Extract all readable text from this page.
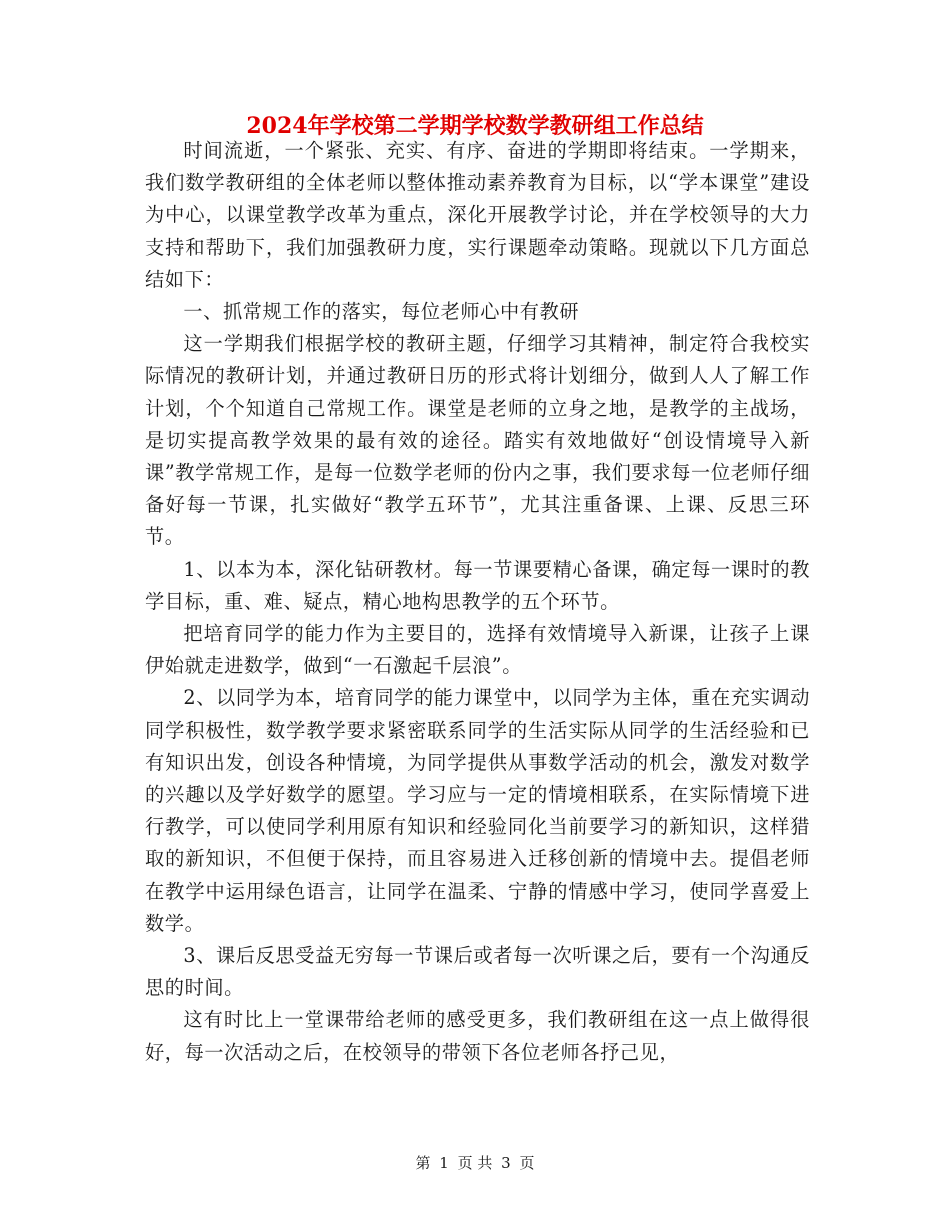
2024年学校第二学期学校数学教研组工作总结

时间流逝，一个紧张、充实、有序、奋进的学期即将结束。一学期来，我们数学教研组的全体老师以整体推动素养教育为目标，以“学本课堂”建设为中心，以课堂教学改革为重点，深化开展教学讨论，并在学校领导的大力支持和帮助下，我们加强教研力度，实行课题牵动策略。现就以下几方面总结如下：

一、抓常规工作的落实，每位老师心中有教研

这一学期我们根据学校的教研主题，仔细学习其精神，制定符合我校实际情况的教研计划，并通过教研日历的形式将计划细分，做到人人了解工作计划，个个知道自己常规工作。课堂是老师的立身之地，是教学的主战场，是切实提高教学效果的最有效的途径。踏实有效地做好“创设情境导入新课”教学常规工作，是每一位数学老师的份内之事，我们要求每一位老师仔细备好每一节课，扎实做好“教学五环节”，尤其注重备课、上课、反思三环节。

1、以本为本，深化钻研教材。每一节课要精心备课，确定每一课时的教学目标，重、难、疑点，精心地构思教学的五个环节。

把培育同学的能力作为主要目的，选择有效情境导入新课，让孩子上课伊始就走进数学，做到“一石激起千层浪”。

2、以同学为本，培育同学的能力课堂中，以同学为主体，重在充实调动同学积极性，数学教学要求紧密联系同学的生活实际从同学的生活经验和已有知识出发，创设各种情境，为同学提供从事数学活动的机会，激发对数学的兴趣以及学好数学的愿望。学习应与一定的情境相联系，在实际情境下进行教学，可以使同学利用原有知识和经验同化当前要学习的新知识，这样猎取的新知识，不但便于保持，而且容易进入迁移创新的情境中去。提倡老师在教学中运用绿色语言，让同学在温柔、宁静的情感中学习，使同学喜爱上数学。

3、课后反思受益无穷每一节课后或者每一次听课之后，要有一个沟通反思的时间。

这有时比上一堂课带给老师的感受更多，我们教研组在这一点上做得很好，每一次活动之后，在校领导的带领下各位老师各抒己见，

第 1 页 共 3 页
